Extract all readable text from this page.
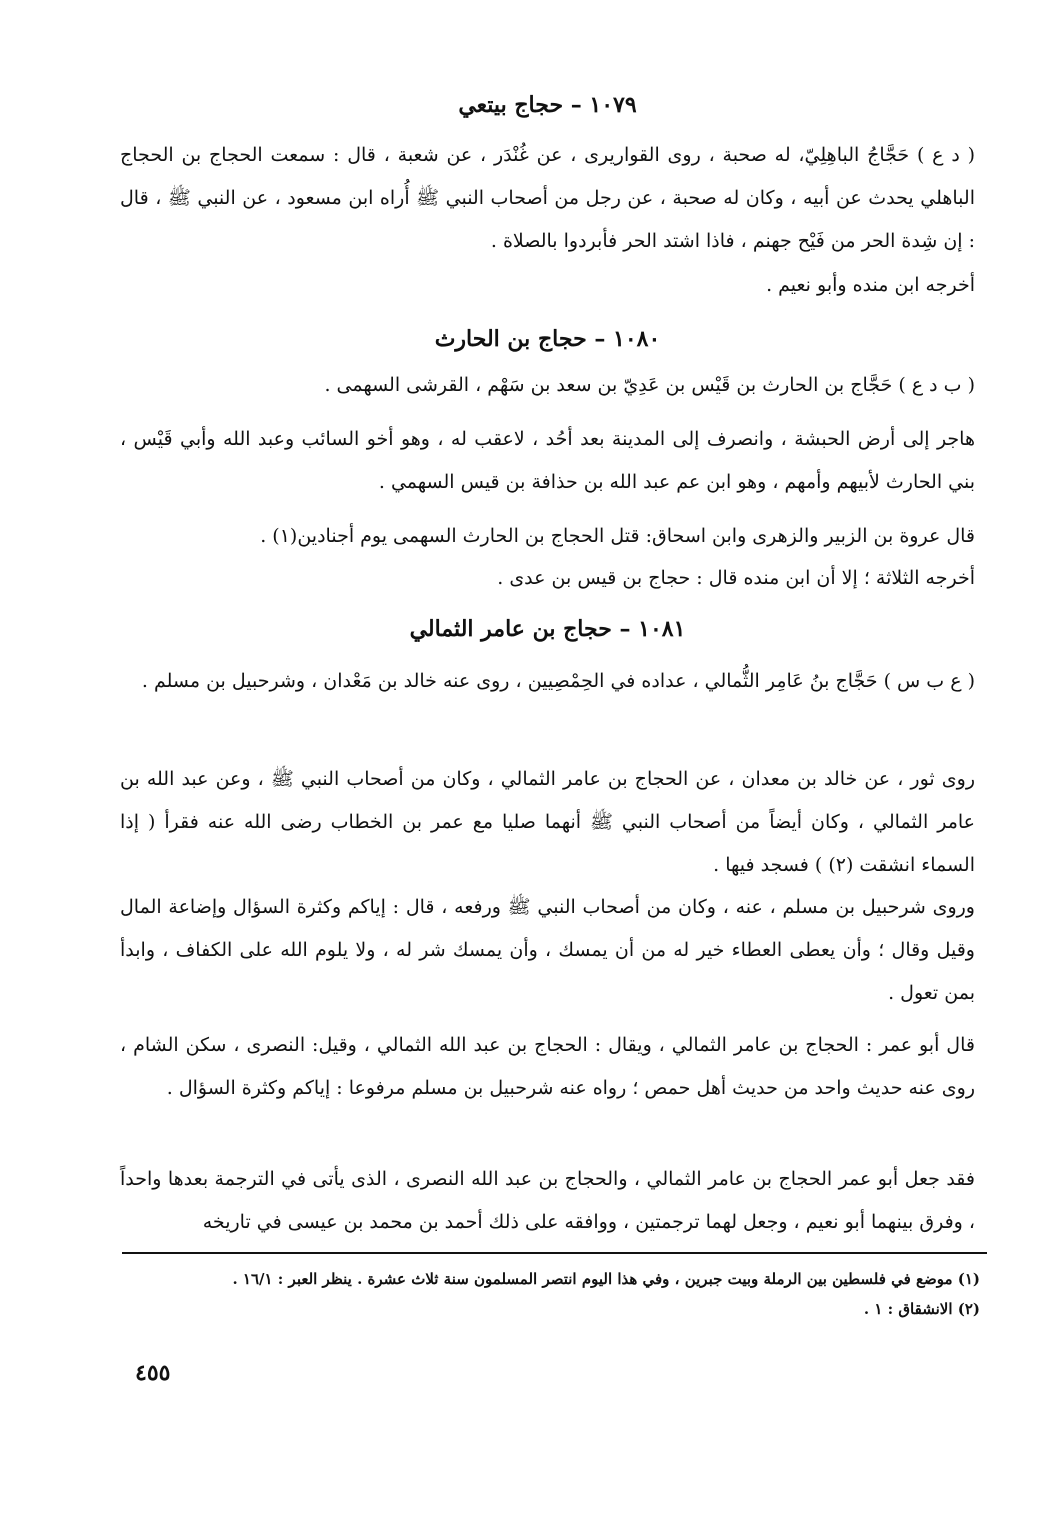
١٠٧٩ – حجاج بيتعي
( د ع ) حَجَّاجُ الباهِلِيّ، له صحبة ، روى القواريرى ، عن غُنْدَر ، عن شعبة ، قال : سمعت الحجاج بن الحجاج الباهلي يحدث عن أبيه ، وكان له صحبة ، عن رجل من أصحاب النبي ﷺ أُراه ابن مسعود ، عن النبي ﷺ ، قال : إن شِدة الحر من فَيْح جهنم ، فاذا اشتد الحر فأبردوا بالصلاة .
أخرجه ابن منده وأبو نعيم .
١٠٨٠ – حجاج بن الحارث
( ب د ع ) حَجَّاج بن الحارث بن قَيْس بن عَدِيّ بن سعد بن سَهْم ، القرشى السهمى .
هاجر إلى أرض الحبشة ، وانصرف إلى المدينة بعد أحُد ، لاعقب له ، وهو أخو السائب وعبد الله وأبي قَيْس ، بني الحارث لأبيهم وأمهم ، وهو ابن عم عبد الله بن حذافة بن قيس السهمي .
قال عروة بن الزبير والزهرى وابن اسحاق: قتل الحجاج بن الحارث السهمى يوم أجنادين(١) .
أخرجه الثلاثة ؛ إلا أن ابن منده قال : حجاج بن قيس بن عدى .
١٠٨١ – حجاج بن عامر الثمالي
( ع ب س ) حَجَّاج بنُ عَامِر الثُّمالي ، عداده في الحِمْصِيين ، روى عنه خالد بن مَعْدان ، وشرحبيل بن مسلم .
روى ثور ، عن خالد بن معدان ، عن الحجاج بن عامر الثمالي ، وكان من أصحاب النبي ﷺ ، وعن عبد الله بن عامر الثمالي ، وكان أيضاً من أصحاب النبي ﷺ أنهما صليا مع عمر بن الخطاب رضى الله عنه فقرأ ( إذا السماء انشقت (٢) ) فسجد فيها .
وروى شرحبيل بن مسلم ، عنه ، وكان من أصحاب النبي ﷺ ورفعه ، قال : إياكم وكثرة السؤال وإضاعة المال وقيل وقال ؛ وأن يعطى العطاء خير له من أن يمسك ، وأن يمسك شر له ، ولا يلوم الله على الكفاف ، وابدأ بمن تعول .
قال أبو عمر : الحجاج بن عامر الثمالي ، ويقال : الحجاج بن عبد الله الثمالي ، وقيل: النصرى ، سكن الشام ، روى عنه حديث واحد من حديث أهل حمص ؛ رواه عنه شرحبيل بن مسلم مرفوعا : إياكم وكثرة السؤال .
فقد جعل أبو عمر الحجاج بن عامر الثمالي ، والحجاج بن عبد الله النصرى ، الذى يأتى في الترجمة بعدها واحداً ، وفرق بينهما أبو نعيم ، وجعل لهما ترجمتين ، ووافقه على ذلك أحمد بن محمد بن عيسى في تاريخه
(١) موضع في فلسطين بين الرملة وبيت جبرين ، وفي هذا اليوم انتصر المسلمون سنة ثلاث عشرة . ينظر العبر : ١٦/١ .
(٢) الانشقاق : ١ .
٤٥٥
